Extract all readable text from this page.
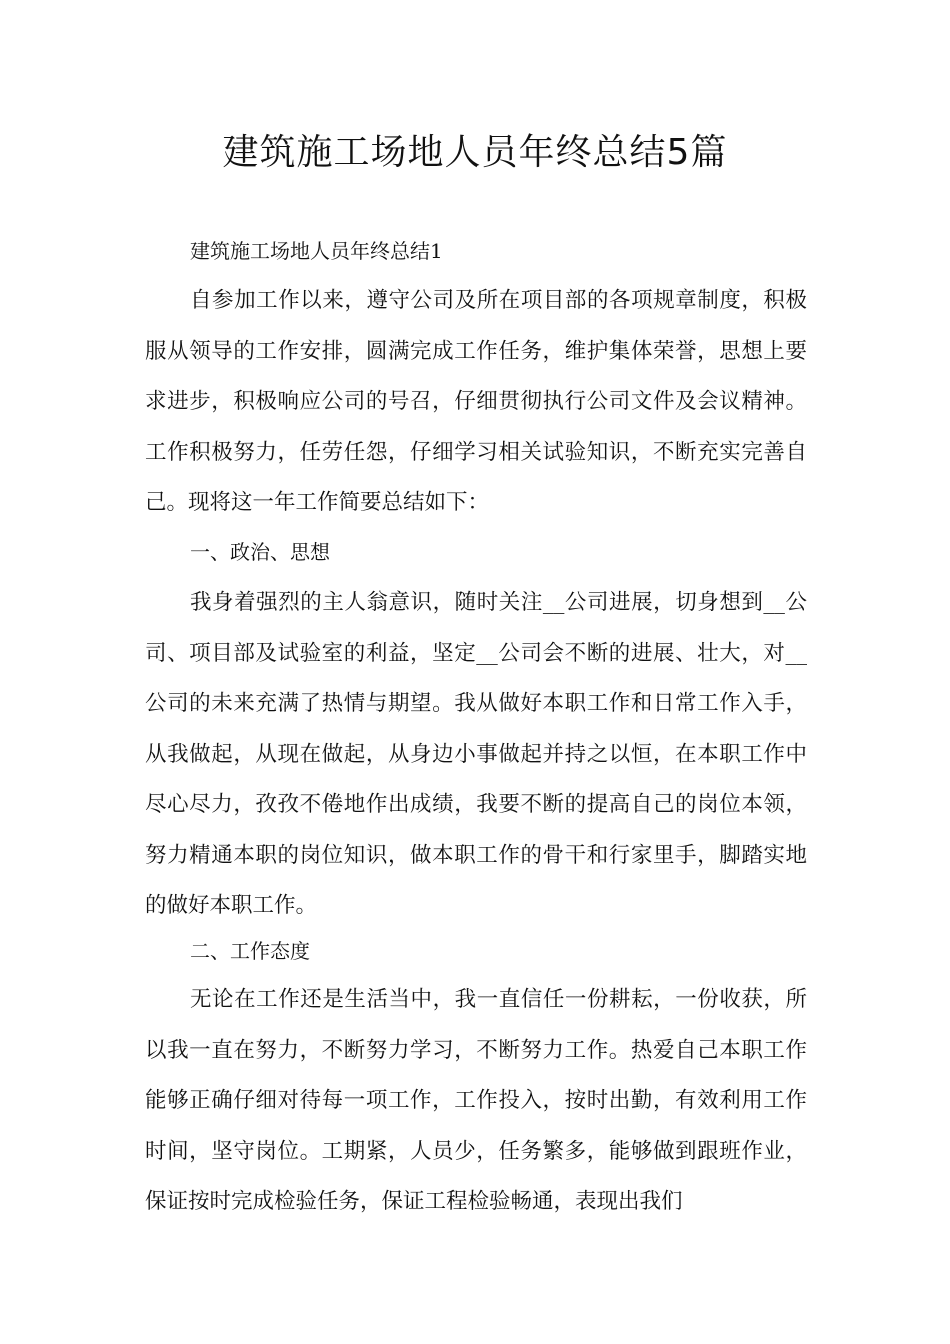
建筑施工场地人员年终总结5篇

建筑施工场地人员年终总结1

自参加工作以来，遵守公司及所在项目部的各项规章制度，积极服从领导的工作安排，圆满完成工作任务，维护集体荣誉，思想上要求进步，积极响应公司的号召，仔细贯彻执行公司文件及会议精神。工作积极努力，任劳任怨，仔细学习相关试验知识，不断充实完善自己。现将这一年工作简要总结如下：

一、政治、思想

我身着强烈的主人翁意识，随时关注__公司进展，切身想到__公司、项目部及试验室的利益，坚定__公司会不断的进展、壮大，对__公司的未来充满了热情与期望。我从做好本职工作和日常工作入手，从我做起，从现在做起，从身边小事做起并持之以恒，在本职工作中尽心尽力，孜孜不倦地作出成绩，我要不断的提高自己的岗位本领，努力精通本职的岗位知识，做本职工作的骨干和行家里手，脚踏实地的做好本职工作。

二、工作态度

无论在工作还是生活当中，我一直信任一份耕耘，一份收获，所以我一直在努力，不断努力学习，不断努力工作。热爱自己本职工作能够正确仔细对待每一项工作，工作投入，按时出勤，有效利用工作时间，坚守岗位。工期紧，人员少，任务繁多，能够做到跟班作业，保证按时完成检验任务，保证工程检验畅通，表现出我们
